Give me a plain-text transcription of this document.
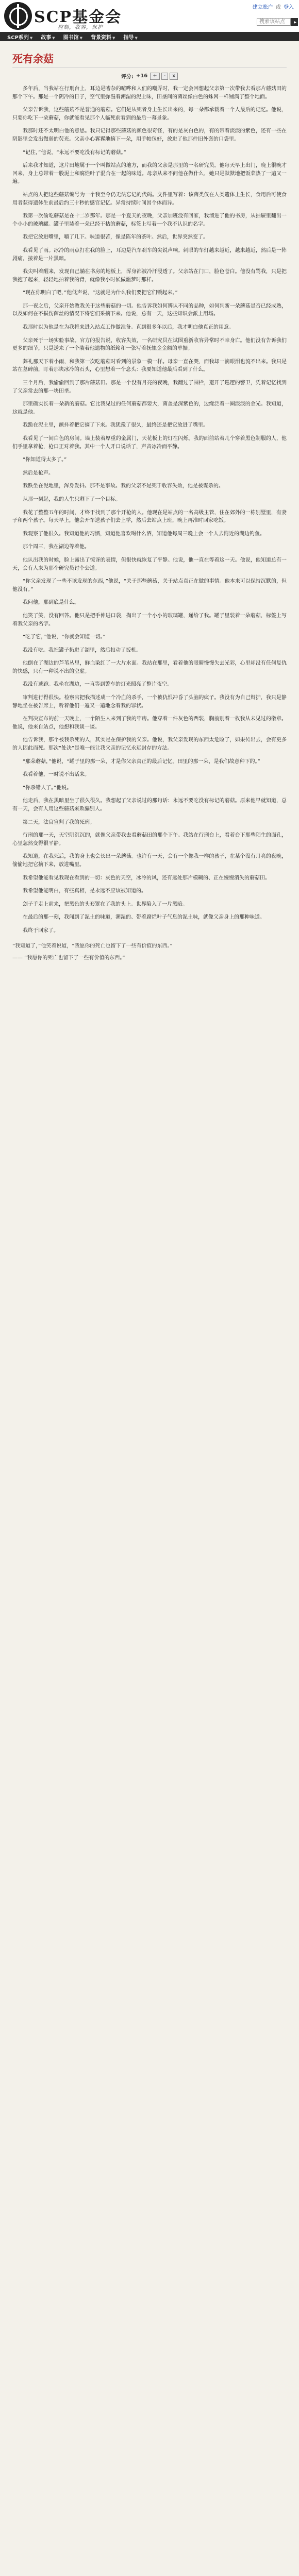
SCP基金会
控制，收容，保护
建立账户 或 登入
搜索该站点
▸
SCP系列 ▼	故事 ▼	图书馆 ▼	背景资料 ▼	指导 ▼
死有余菇
评分: +16	+	-	x

多年后，当我站在行刑台上，耳边是嘈杂的喧哗和人们的嘲弄时，我一定会回想起父亲第一次带我去看那片蘑菇田的那个下午。那是一个阴冷的日子，空气里弥漫着潮湿的泥土味，田垄间的菌丝像白色的蛛网一样铺满了整个地面。

父亲告诉我，这些蘑菇不是普通的蘑菇。它们是从死者身上生长出来的，每一朵都承载着一个人最后的记忆。他说，只要你吃下一朵蘑菇，你就能看见那个人临死前看到的最后一幕景象。

我那时还不太明白他的意思。我只记得那些蘑菇的颜色很奇怪，有的是灰白色的，有的带着淡淡的紫色，还有一些在阴影里会发出微弱的荧光。父亲小心翼翼地摘下一朵，用手帕包好，放进了他那件旧外套的口袋里。

“记住，”他说，“永远不要吃没有标记的蘑菇。”

后来我才知道，这片田地属于一个叫做站点的地方，而我的父亲是那里的一名研究员。他每天早上出门，晚上很晚才回来，身上总带着一股泥土和腐烂叶子混合在一起的味道。母亲从来不问他在做什么，她只是默默地把饭菜热了一遍又一遍。

站点的人把这些蘑菇编号为一个我至今仍无法忘记的代码。文件里写着：该菌类仅在人类遗体上生长，食用后可使食用者获得遗体生前最后约三十秒的感官记忆。异常持续时间因个体而异。

我第一次偷吃蘑菇是在十二岁那年。那是一个夏天的夜晚，父亲加班没有回家，我溜进了他的书房，从抽屉里翻出一个小小的玻璃罐。罐子里装着一朵已经干枯的蘑菇，标签上写着一个我不认识的名字。

我把它放进嘴里，嚼了几下。味道很苦，像是陈年的茶叶。然后，世界突然变了。

我看见了雨。冰冷的雨点打在我的脸上，耳边是汽车刹车的尖锐声响。刺眼的车灯越来越近，越来越近，然后是一阵剧痛，接着是一片黑暗。

我尖叫着醒来，发现自己躺在书房的地板上，浑身都被冷汗浸透了。父亲站在门口，脸色苍白。他没有骂我，只是把我抱了起来，轻轻地拍着我的背，就像我小时候做噩梦时那样。

“现在你明白了吧，”他低声说，“这就是为什么我们要把它们锁起来。”

那一夜之后，父亲开始教我关于这些蘑菇的一切。他告诉我如何辨认不同的品种，如何判断一朵蘑菇是否已经成熟，以及如何在不损伤菌丝的情况下将它们采摘下来。他说，总有一天，这些知识会派上用场。

我那时以为他是在为我将来进入站点工作做准备。直到很多年以后，我才明白他真正的用意。

父亲死于一场实验事故。官方的报告说，收容失效，一名研究员在试图重新收容异常时不幸身亡。他们没有告诉我们更多的细节，只是送来了一个装着他遗物的纸箱和一张写着抚恤金金额的单据。

葬礼那天下着小雨，和我第一次吃蘑菇时看到的景象一模一样。母亲一直在哭，而我却一滴眼泪也流不出来。我只是站在墓碑前，盯着那块冰冷的石头，心里想着一个念头：我要知道他最后看到了什么。

三个月后，我偷偷回到了那片蘑菇田。那是一个没有月亮的夜晚，我翻过了围栏，避开了巡逻的警卫，凭着记忆找到了父亲常去的那一块田垄。

那里确实长着一朵新的蘑菇。它比我见过的任何蘑菇都要大，菌盖是深紫色的，边缘泛着一圈淡淡的金光。我知道，这就是他。

我跪在泥土里，颤抖着把它摘了下来。我犹豫了很久，最终还是把它放进了嘴里。

我看见了一间白色的房间。墙上装着厚重的金属门，天花板上的灯在闪烁。我的面前站着几个穿着黑色制服的人，他们手里拿着枪，枪口正对着我。其中一个人开口说话了，声音冰冷而平静。

“你知道得太多了。”

然后是枪声。

我跌坐在泥地里，浑身发抖。那不是事故。我的父亲不是死于收容失效，他是被谋杀的。

从那一刻起，我的人生只剩下了一个目标。

我花了整整五年的时间，才终于找到了那个开枪的人。他现在是站点的一名高级主管，住在郊外的一栋别墅里，有妻子和两个孩子。每天早上，他会开车送孩子们去上学，然后去站点上班，晚上再准时回家吃饭。

我观察了他很久。我知道他的习惯，知道他喜欢喝什么酒，知道他每周三晚上会一个人去附近的湖边钓鱼。

那个周三，我在湖边等着他。

他认出我的时候，脸上露出了惊讶的表情，但很快就恢复了平静。他说，他一直在等着这一天。他说，他知道总有一天，会有人来为那个研究员讨个公道。

“你父亲发现了一些不该发现的东西，”他说，“关于那些蘑菇，关于站点真正在做的事情。他本来可以保持沉默的，但他没有。”

我问他，那到底是什么。

他笑了笑，没有回答。他只是把手伸进口袋，掏出了一个小小的玻璃罐，递给了我。罐子里装着一朵蘑菇，标签上写着我父亲的名字。

“吃了它，”他说，“你就会知道一切。”

我没有吃。我把罐子扔进了湖里，然后扣动了扳机。

他倒在了湖边的芦苇丛里，鲜血染红了一大片水面。我站在那里，看着他的眼睛慢慢失去光彩，心里却没有任何复仇的快感，只有一种说不出的空虚。

我没有逃跑。我坐在湖边，一直等到警车的灯光照亮了整片夜空。

审判进行得很快。检察官把我描述成一个冷血的杀手，一个被仇恨冲昏了头脑的疯子。我没有为自己辩护，我只是静静地坐在被告席上，听着他们一遍又一遍地念着我的罪状。

在判决宣布的前一天晚上，一个陌生人来到了我的牢房。他穿着一件灰色的西装，胸前别着一枚我从未见过的徽章。他说，他来自站点，他想和我谈一谈。

他告诉我，那个被我杀死的人，其实是在保护我的父亲。他说，我父亲发现的东西太危险了，如果传出去，会有更多的人因此而死。那次“处决”是唯一能让我父亲的记忆永远封存的方法。

“那朵蘑菇，”他说，“罐子里的那一朵，才是你父亲真正的最后记忆。田里的那一朵，是我们故意种下的。”

我看着他，一时说不出话来。

“你杀错人了。”他说。

他走后，我在黑暗里坐了很久很久。我想起了父亲说过的那句话：永远不要吃没有标记的蘑菇。原来他早就知道，总有一天，会有人用这些蘑菇来欺骗别人。

第二天，法官宣判了我的死刑。

行刑的那一天，天空阴沉沉的，就像父亲带我去看蘑菇田的那个下午。我站在行刑台上，看着台下那些陌生的面孔，心里忽然变得很平静。

我知道，在我死后，我的身上也会长出一朵蘑菇。也许有一天，会有一个像我一样的孩子，在某个没有月亮的夜晚，偷偷地把它摘下来，放进嘴里。

我希望他能看见我现在看到的一切：灰色的天空，冰冷的风，还有远处那片模糊的、正在慢慢消失的蘑菇田。

我希望他能明白，有些真相，是永远不应该被知道的。

刽子手走上前来，把黑色的头套罩在了我的头上。世界陷入了一片黑暗。

在最后的那一刻，我闻到了泥土的味道，潮湿的、带着腐烂叶子气息的泥土味，就像父亲身上的那种味道。

我终于回家了。

“我知道了，”他笑着说道，“我愿你的死亡也留下了一些有价值的东西。”

—— “我愿你的死亡也留下了一些有价值的东西。”
